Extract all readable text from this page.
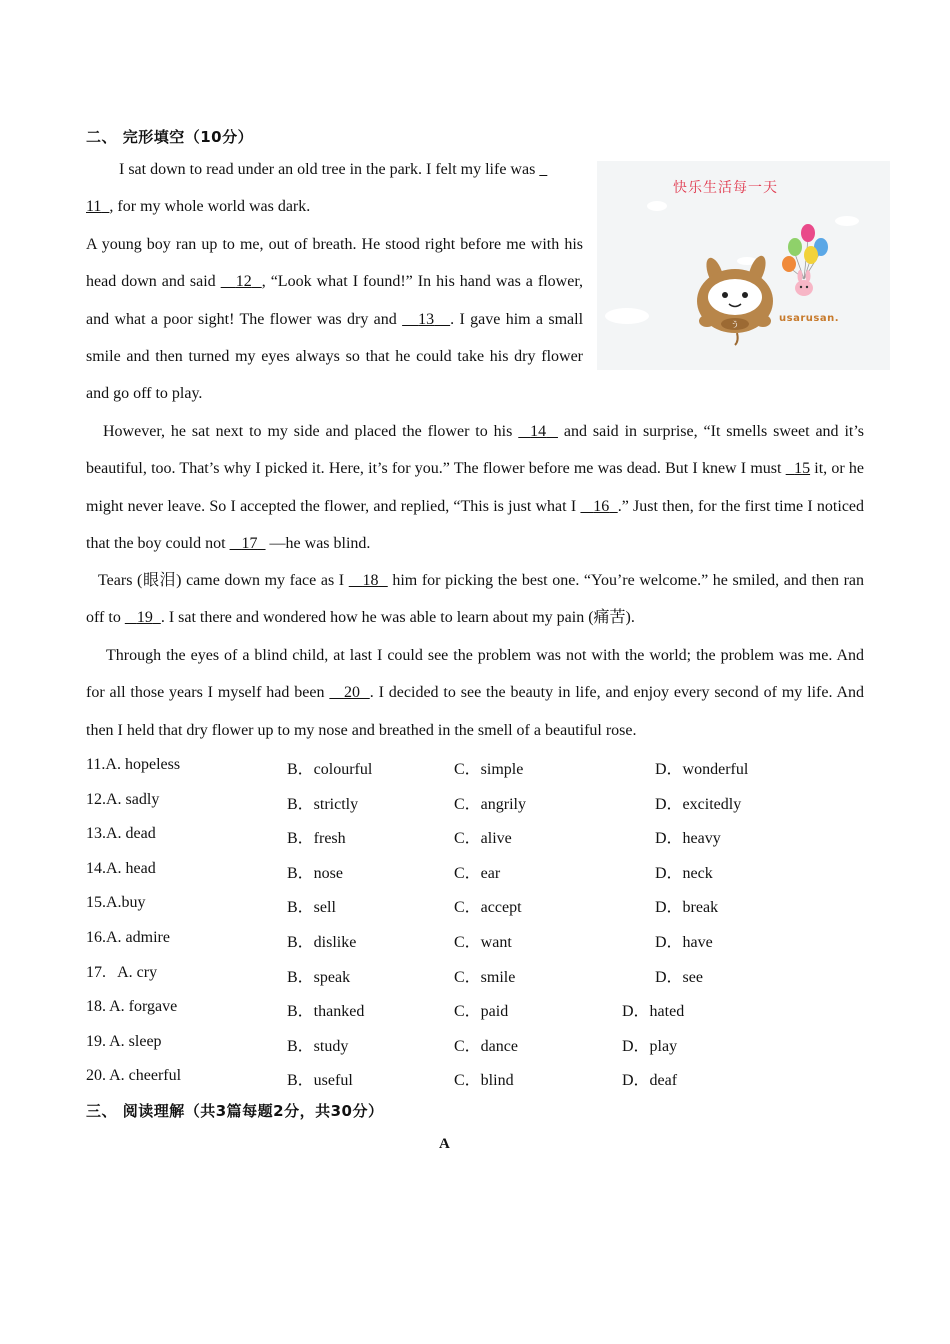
二、 完形填空（10分）
I sat down to read under an old tree in the park. I felt my life was
11 , for my whole world was dark.
A young boy ran up to me, out of breath. He stood right before me with his head down and said 12 , “Look what I found!” In his hand was a flower, and what a poor sight! The flower was dry and 13 . I gave him a small smile and then turned my eyes always so that he could take his dry flower and go off to play.
う
快乐生活每一天
usarusan.
However, he sat next to my side and placed the flower to his 14 and said in surprise, “It smells sweet and it’s beautiful, too. That’s why I picked it. Here, it’s for you.” The flower before me was dead. But I knew I must 15 it, or he might never leave. So I accepted the flower, and replied, “This is just what I 16 .” Just then, for the first time I noticed that the boy could not 17 —he was blind.
Tears (眼泪) came down my face as I 18 him for picking the best one. “You’re welcome.” he smiled, and then ran off to 19 . I sat there and wondered how he was able to learn about my pain (痛苦).
Through the eyes of a blind child, at last I could see the problem was not with the world; the problem was me. And for all those years I myself had been 20 . I decided to see the beauty in life, and enjoy every second of my life. And then I held that dry flower up to my nose and breathed in the smell of a beautiful rose.
11.A. hopeless	B．colourful	C．simple	D．wonderful
12.A. sadly	B．strictly	C．angrily	D．excitedly
13.A. dead	B．fresh	C．alive	D．heavy
14.A. head	B．nose	C．ear	D．neck
15.A.buy	B．sell	C．accept	D．break
16.A. admire	B．dislike	C．want	D．have
17.   A. cry	B．speak	C．smile	D．see
18. A. forgave	B．thanked	C．paid	D．hated
19. A. sleep	B．study	C．dance	D．play
20. A. cheerful	B．useful	C．blind	D．deaf
三、 阅读理解（共3篇每题2分，共30分）
A
